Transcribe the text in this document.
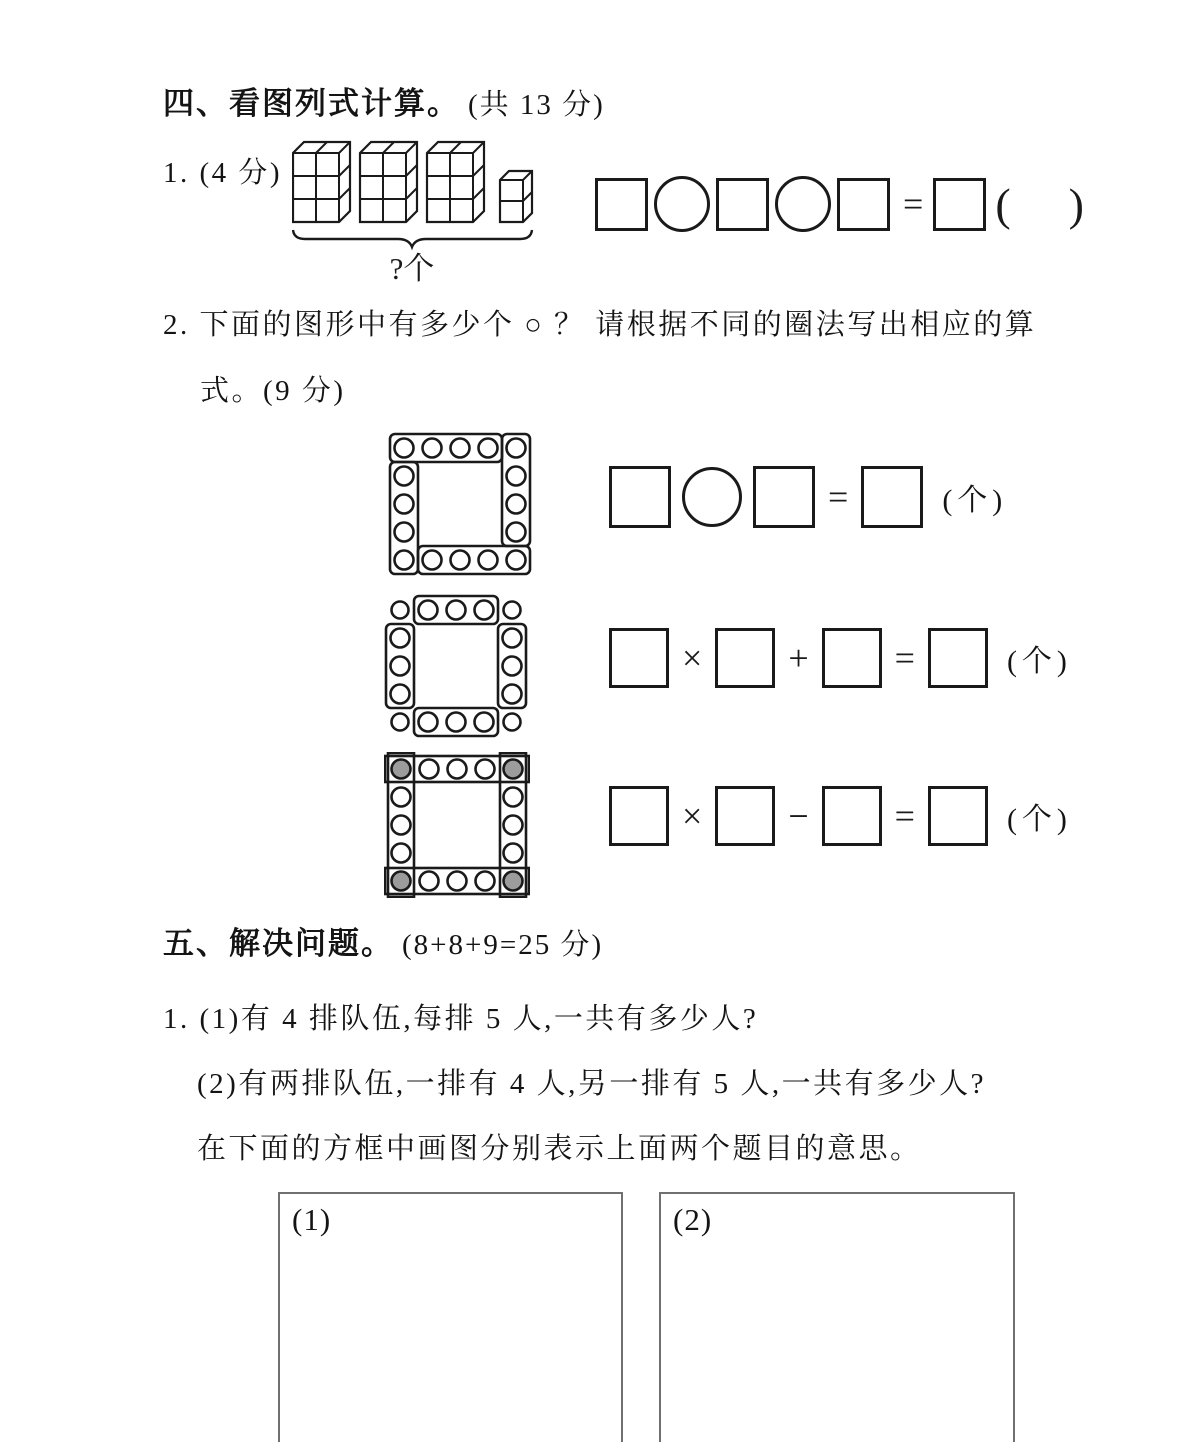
四、看图列式计算。 (共 13 分)
1. (4 分)
?个
= ( )
2. 下面的图形中有多少个 ○ ？ 请根据不同的圈法写出相应的算
式。(9 分)
=	(个)
× + =	(个)
× − =	(个)
五、解决问题。 (8+8+9=25 分)
1. (1)有 4 排队伍,每排 5 人,一共有多少人?
(2)有两排队伍,一排有 4 人,另一排有 5 人,一共有多少人?
在下面的方框中画图分别表示上面两个题目的意思。
(1)	(2)
